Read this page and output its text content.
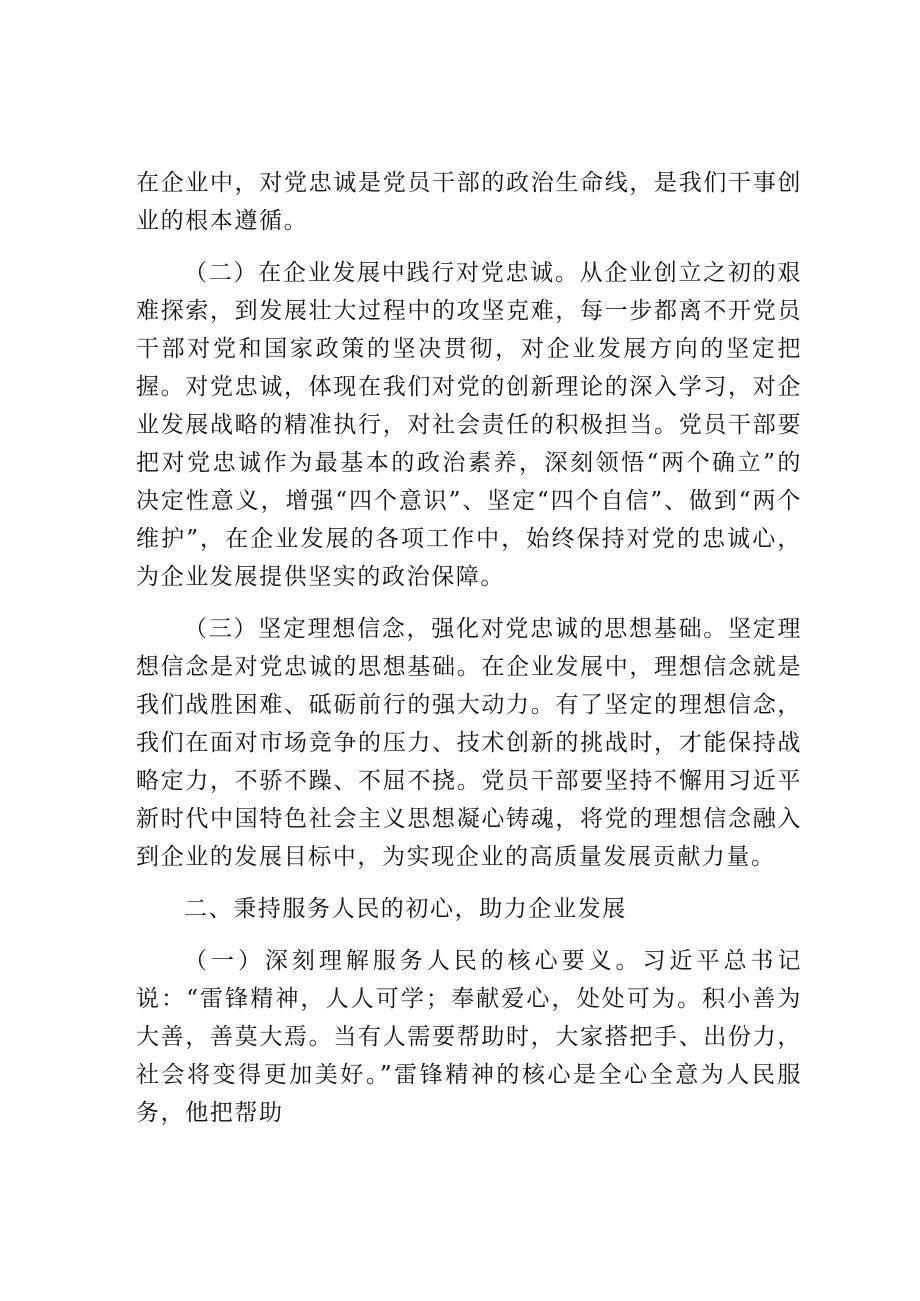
在企业中，对党忠诚是党员干部的政治生命线，是我们干事创业的根本遵循。

（二）在企业发展中践行对党忠诚。从企业创立之初的艰难探索，到发展壮大过程中的攻坚克难，每一步都离不开党员干部对党和国家政策的坚决贯彻，对企业发展方向的坚定把握。对党忠诚，体现在我们对党的创新理论的深入学习，对企业发展战略的精准执行，对社会责任的积极担当。党员干部要把对党忠诚作为最基本的政治素养，深刻领悟“两个确立”的决定性意义，增强“四个意识”、坚定“四个自信”、做到“两个维护”，在企业发展的各项工作中，始终保持对党的忠诚心，为企业发展提供坚实的政治保障。

（三）坚定理想信念，强化对党忠诚的思想基础。坚定理想信念是对党忠诚的思想基础。在企业发展中，理想信念就是我们战胜困难、砥砺前行的强大动力。有了坚定的理想信念，我们在面对市场竞争的压力、技术创新的挑战时，才能保持战略定力，不骄不躁、不屈不挠。党员干部要坚持不懈用习近平新时代中国特色社会主义思想凝心铸魂，将党的理想信念融入到企业的发展目标中，为实现企业的高质量发展贡献力量。

二、秉持服务人民的初心，助力企业发展

（一）深刻理解服务人民的核心要义。习近平总书记说：“雷锋精神，人人可学；奉献爱心，处处可为。积小善为大善，善莫大焉。当有人需要帮助时，大家搭把手、出份力，社会将变得更加美好。”雷锋精神的核心是全心全意为人民服务，他把帮助
